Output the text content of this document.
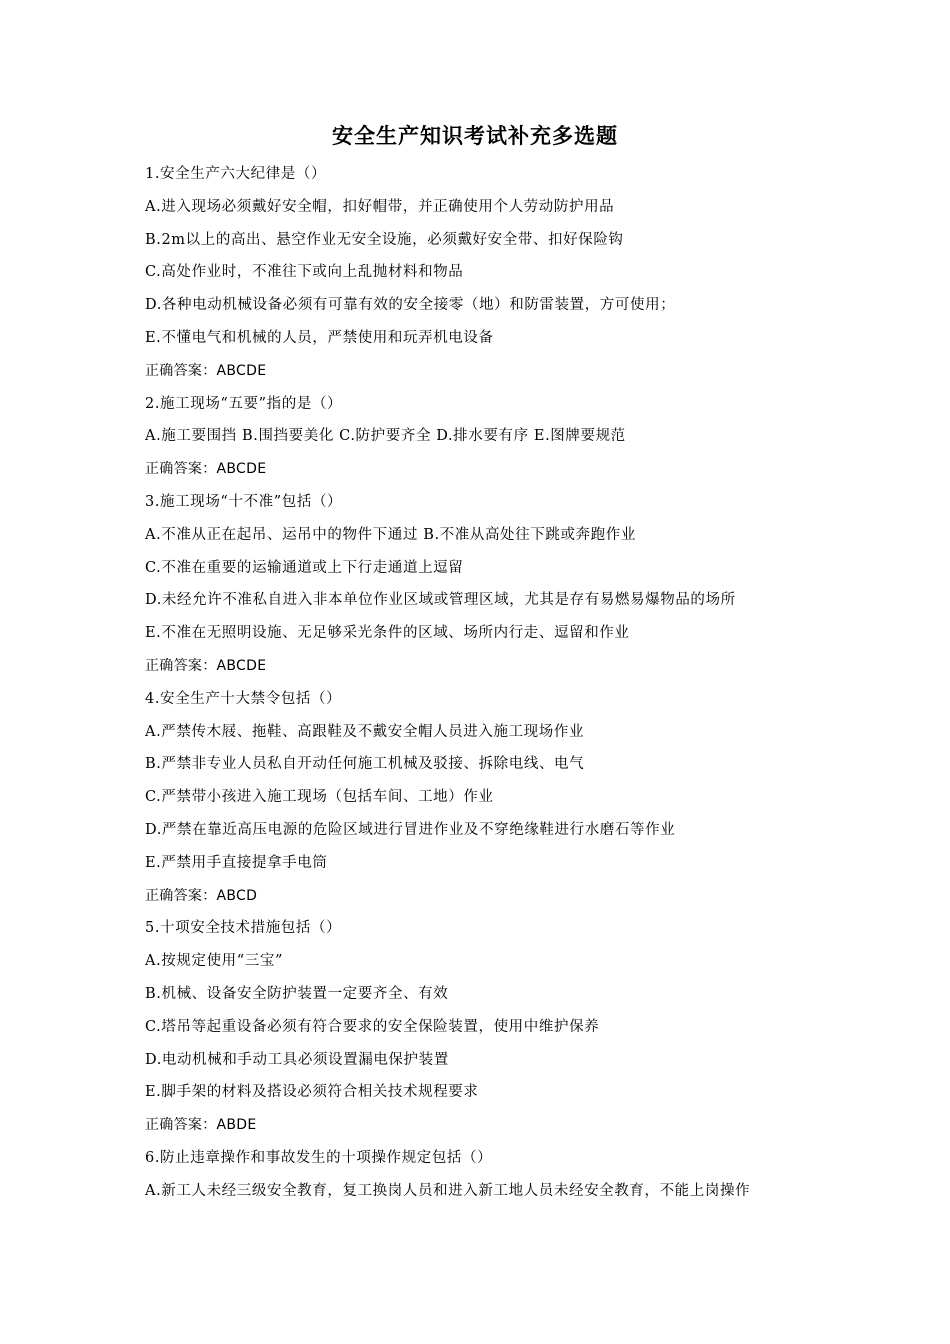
安全生产知识考试补充多选题
1.安全生产六大纪律是（）
A.进入现场必须戴好安全帽，扣好帽带，并正确使用个人劳动防护用品
B.2m以上的高出、悬空作业无安全设施，必须戴好安全带、扣好保险钩
C.高处作业时，不准往下或向上乱抛材料和物品
D.各种电动机械设备必须有可靠有效的安全接零（地）和防雷装置，方可使用；
E.不懂电气和机械的人员，严禁使用和玩弄机电设备
正确答案：ABCDE
2.施工现场“五要”指的是（）
A.施工要围挡 B.围挡要美化 C.防护要齐全 D.排水要有序 E.图牌要规范
正确答案：ABCDE
3.施工现场“十不准”包括（）
A.不准从正在起吊、运吊中的物件下通过 B.不准从高处往下跳或奔跑作业
C.不准在重要的运输通道或上下行走通道上逗留
D.未经允许不准私自进入非本单位作业区域或管理区域，尤其是存有易燃易爆物品的场所
E.不准在无照明设施、无足够采光条件的区域、场所内行走、逗留和作业
正确答案：ABCDE
4.安全生产十大禁令包括（）
A.严禁传木屐、拖鞋、高跟鞋及不戴安全帽人员进入施工现场作业
B.严禁非专业人员私自开动任何施工机械及驳接、拆除电线、电气
C.严禁带小孩进入施工现场（包括车间、工地）作业
D.严禁在靠近高压电源的危险区域进行冒进作业及不穿绝缘鞋进行水磨石等作业
E.严禁用手直接提拿手电筒
正确答案：ABCD
5.十项安全技术措施包括（）
A.按规定使用“三宝”
B.机械、设备安全防护装置一定要齐全、有效
C.塔吊等起重设备必须有符合要求的安全保险装置，使用中维护保养
D.电动机械和手动工具必须设置漏电保护装置
E.脚手架的材料及搭设必须符合相关技术规程要求
正确答案：ABDE
6.防止违章操作和事故发生的十项操作规定包括（）
A.新工人未经三级安全教育，复工换岗人员和进入新工地人员未经安全教育，不能上岗操作
